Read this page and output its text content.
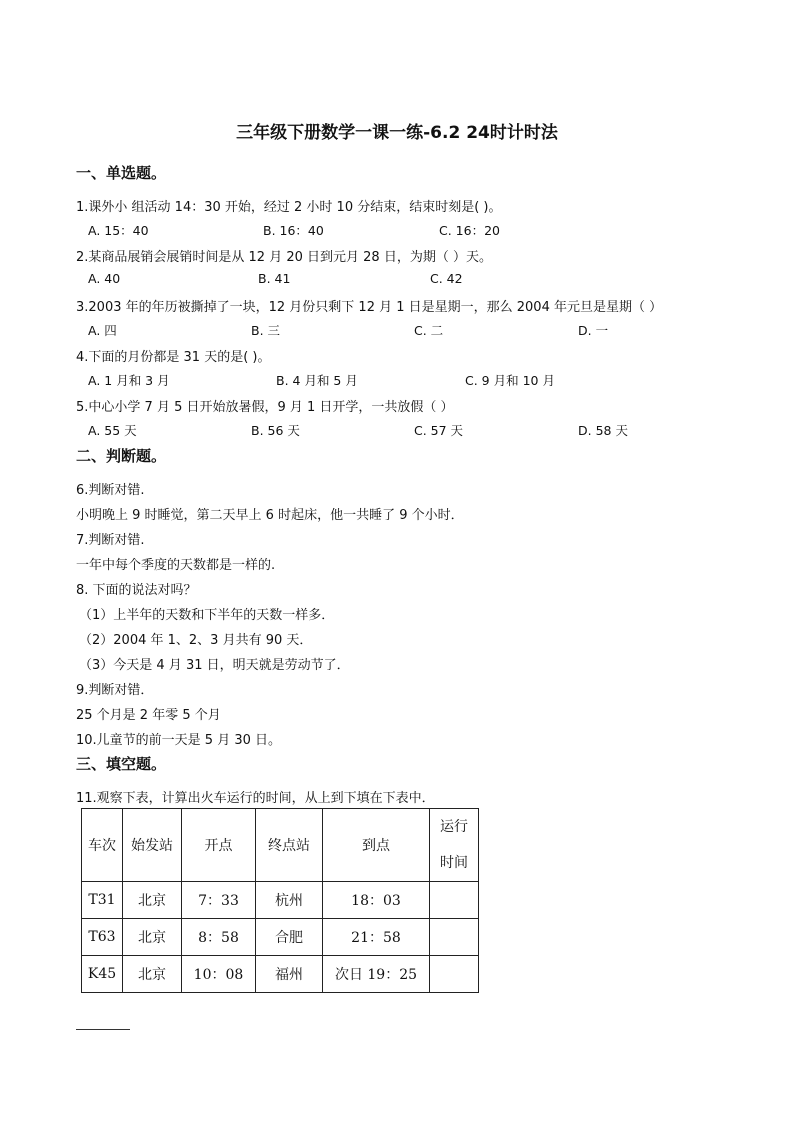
三年级下册数学一课一练-6.2 24时计时法
一、单选题。
1.课外小 组活动 14：30 开始，经过 2 小时 10 分结束，结束时刻是( )。
A. 15：40	B. 16：40	C. 16：20
2.某商品展销会展销时间是从 12 月 20 日到元月 28 日，为期（ ）天。
A. 40	B. 41	C. 42
3.2003 年的年历被撕掉了一块，12 月份只剩下 12 月 1 日是星期一，那么 2004 年元旦是星期（ ）
A. 四	B. 三	C. 二	D. 一
4.下面的月份都是 31 天的是( )。
A. 1 月和 3 月	B. 4 月和 5 月	C. 9 月和 10 月
5.中心小学 7 月 5 日开始放暑假，9 月 1 日开学，一共放假（ ）
A. 55 天	B. 56 天	C. 57 天	D. 58 天
二、判断题。
6.判断对错.
小明晚上 9 时睡觉，第二天早上 6 时起床，他一共睡了 9 个小时．
7.判断对错.
一年中每个季度的天数都是一样的.
8. 下面的说法对吗？
（1）上半年的天数和下半年的天数一样多．
（2）2004 年 1、2、3 月共有 90 天．
（3）今天是 4 月 31 日，明天就是劳动节了．
9.判断对错．
25 个月是 2 年零 5 个月
10.儿童节的前一天是 5 月 30 日。
三、填空题。
11.观察下表，计算出火车运行的时间，从上到下填在下表中．
车次	始发站	开点	终点站	到点	运行
时间
T31	北京	7：33	杭州	18：03	
T63	北京	8：58	合肥	21：58	
K45	北京	10：08	福州	次日 19：25	
